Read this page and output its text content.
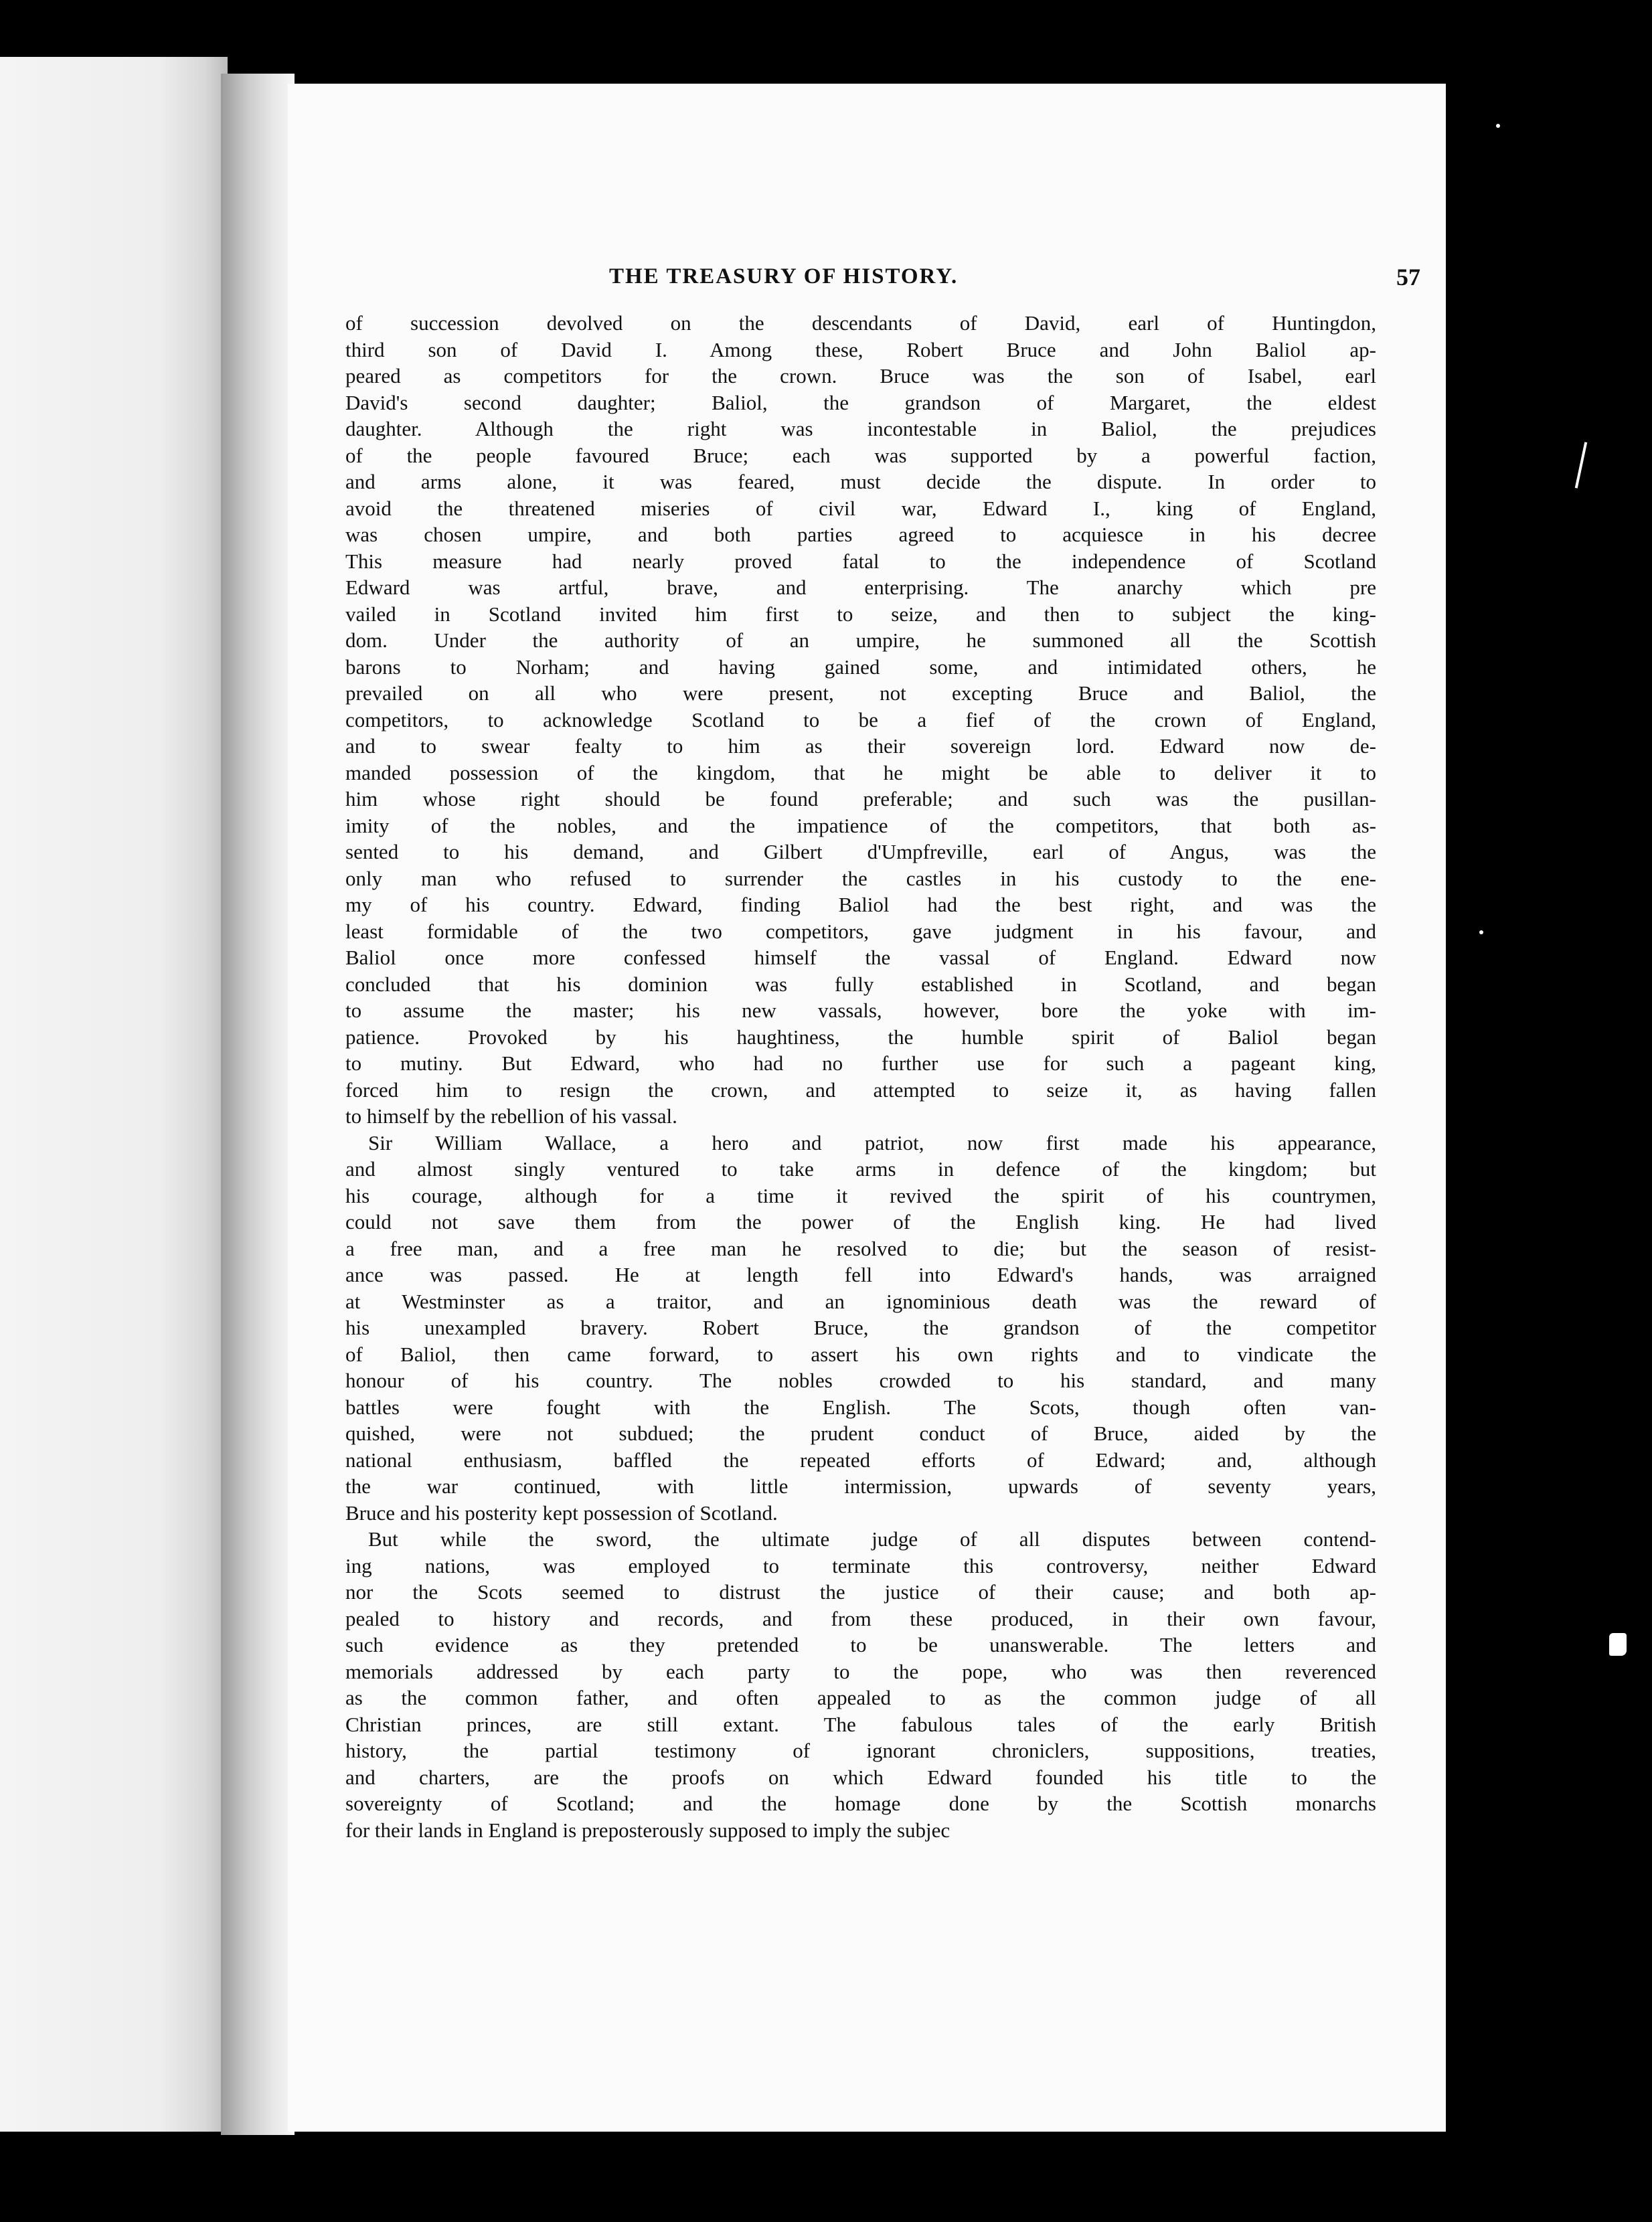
THE TREASURY OF HISTORY.	57
of succession devolved on the descendants of David, earl of Huntingdon,
third son of David I. Among these, Robert Bruce and John Baliol ap-
peared as competitors for the crown. Bruce was the son of Isabel, earl
David's second daughter; Baliol, the grandson of Margaret, the eldest
daughter. Although the right was incontestable in Baliol, the prejudices
of the people favoured Bruce; each was supported by a powerful faction,
and arms alone, it was feared, must decide the dispute. In order to
avoid the threatened miseries of civil war, Edward I., king of England,
was chosen umpire, and both parties agreed to acquiesce in his decree
This measure had nearly proved fatal to the independence of Scotland
Edward was artful, brave, and enterprising. The anarchy which pre
vailed in Scotland invited him first to seize, and then to subject the king-
dom. Under the authority of an umpire, he summoned all the Scottish
barons to Norham; and having gained some, and intimidated others, he
prevailed on all who were present, not excepting Bruce and Baliol, the
competitors, to acknowledge Scotland to be a fief of the crown of England,
and to swear fealty to him as their sovereign lord. Edward now de-
manded possession of the kingdom, that he might be able to deliver it to
him whose right should be found preferable; and such was the pusillan-
imity of the nobles, and the impatience of the competitors, that both as-
sented to his demand, and Gilbert d'Umpfreville, earl of Angus, was the
only man who refused to surrender the castles in his custody to the ene-
my of his country. Edward, finding Baliol had the best right, and was the
least formidable of the two competitors, gave judgment in his favour, and
Baliol once more confessed himself the vassal of England. Edward now
concluded that his dominion was fully established in Scotland, and began
to assume the master; his new vassals, however, bore the yoke with im-
patience. Provoked by his haughtiness, the humble spirit of Baliol began
to mutiny. But Edward, who had no further use for such a pageant king,
forced him to resign the crown, and attempted to seize it, as having fallen
to himself by the rebellion of his vassal.
Sir William Wallace, a hero and patriot, now first made his appearance,
and almost singly ventured to take arms in defence of the kingdom; but
his courage, although for a time it revived the spirit of his countrymen,
could not save them from the power of the English king. He had lived
a free man, and a free man he resolved to die; but the season of resist-
ance was passed. He at length fell into Edward's hands, was arraigned
at Westminster as a traitor, and an ignominious death was the reward of
his unexampled bravery. Robert Bruce, the grandson of the competitor
of Baliol, then came forward, to assert his own rights and to vindicate the
honour of his country. The nobles crowded to his standard, and many
battles were fought with the English. The Scots, though often van-
quished, were not subdued; the prudent conduct of Bruce, aided by the
national enthusiasm, baffled the repeated efforts of Edward; and, although
the war continued, with little intermission, upwards of seventy years,
Bruce and his posterity kept possession of Scotland.
But while the sword, the ultimate judge of all disputes between contend-
ing nations, was employed to terminate this controversy, neither Edward
nor the Scots seemed to distrust the justice of their cause; and both ap-
pealed to history and records, and from these produced, in their own favour,
such evidence as they pretended to be unanswerable. The letters and
memorials addressed by each party to the pope, who was then reverenced
as the common father, and often appealed to as the common judge of all
Christian princes, are still extant. The fabulous tales of the early British
history, the partial testimony of ignorant chroniclers, suppositions, treaties,
and charters, are the proofs on which Edward founded his title to the
sovereignty of Scotland; and the homage done by the Scottish monarchs
for their lands in England is preposterously supposed to imply the subjec
